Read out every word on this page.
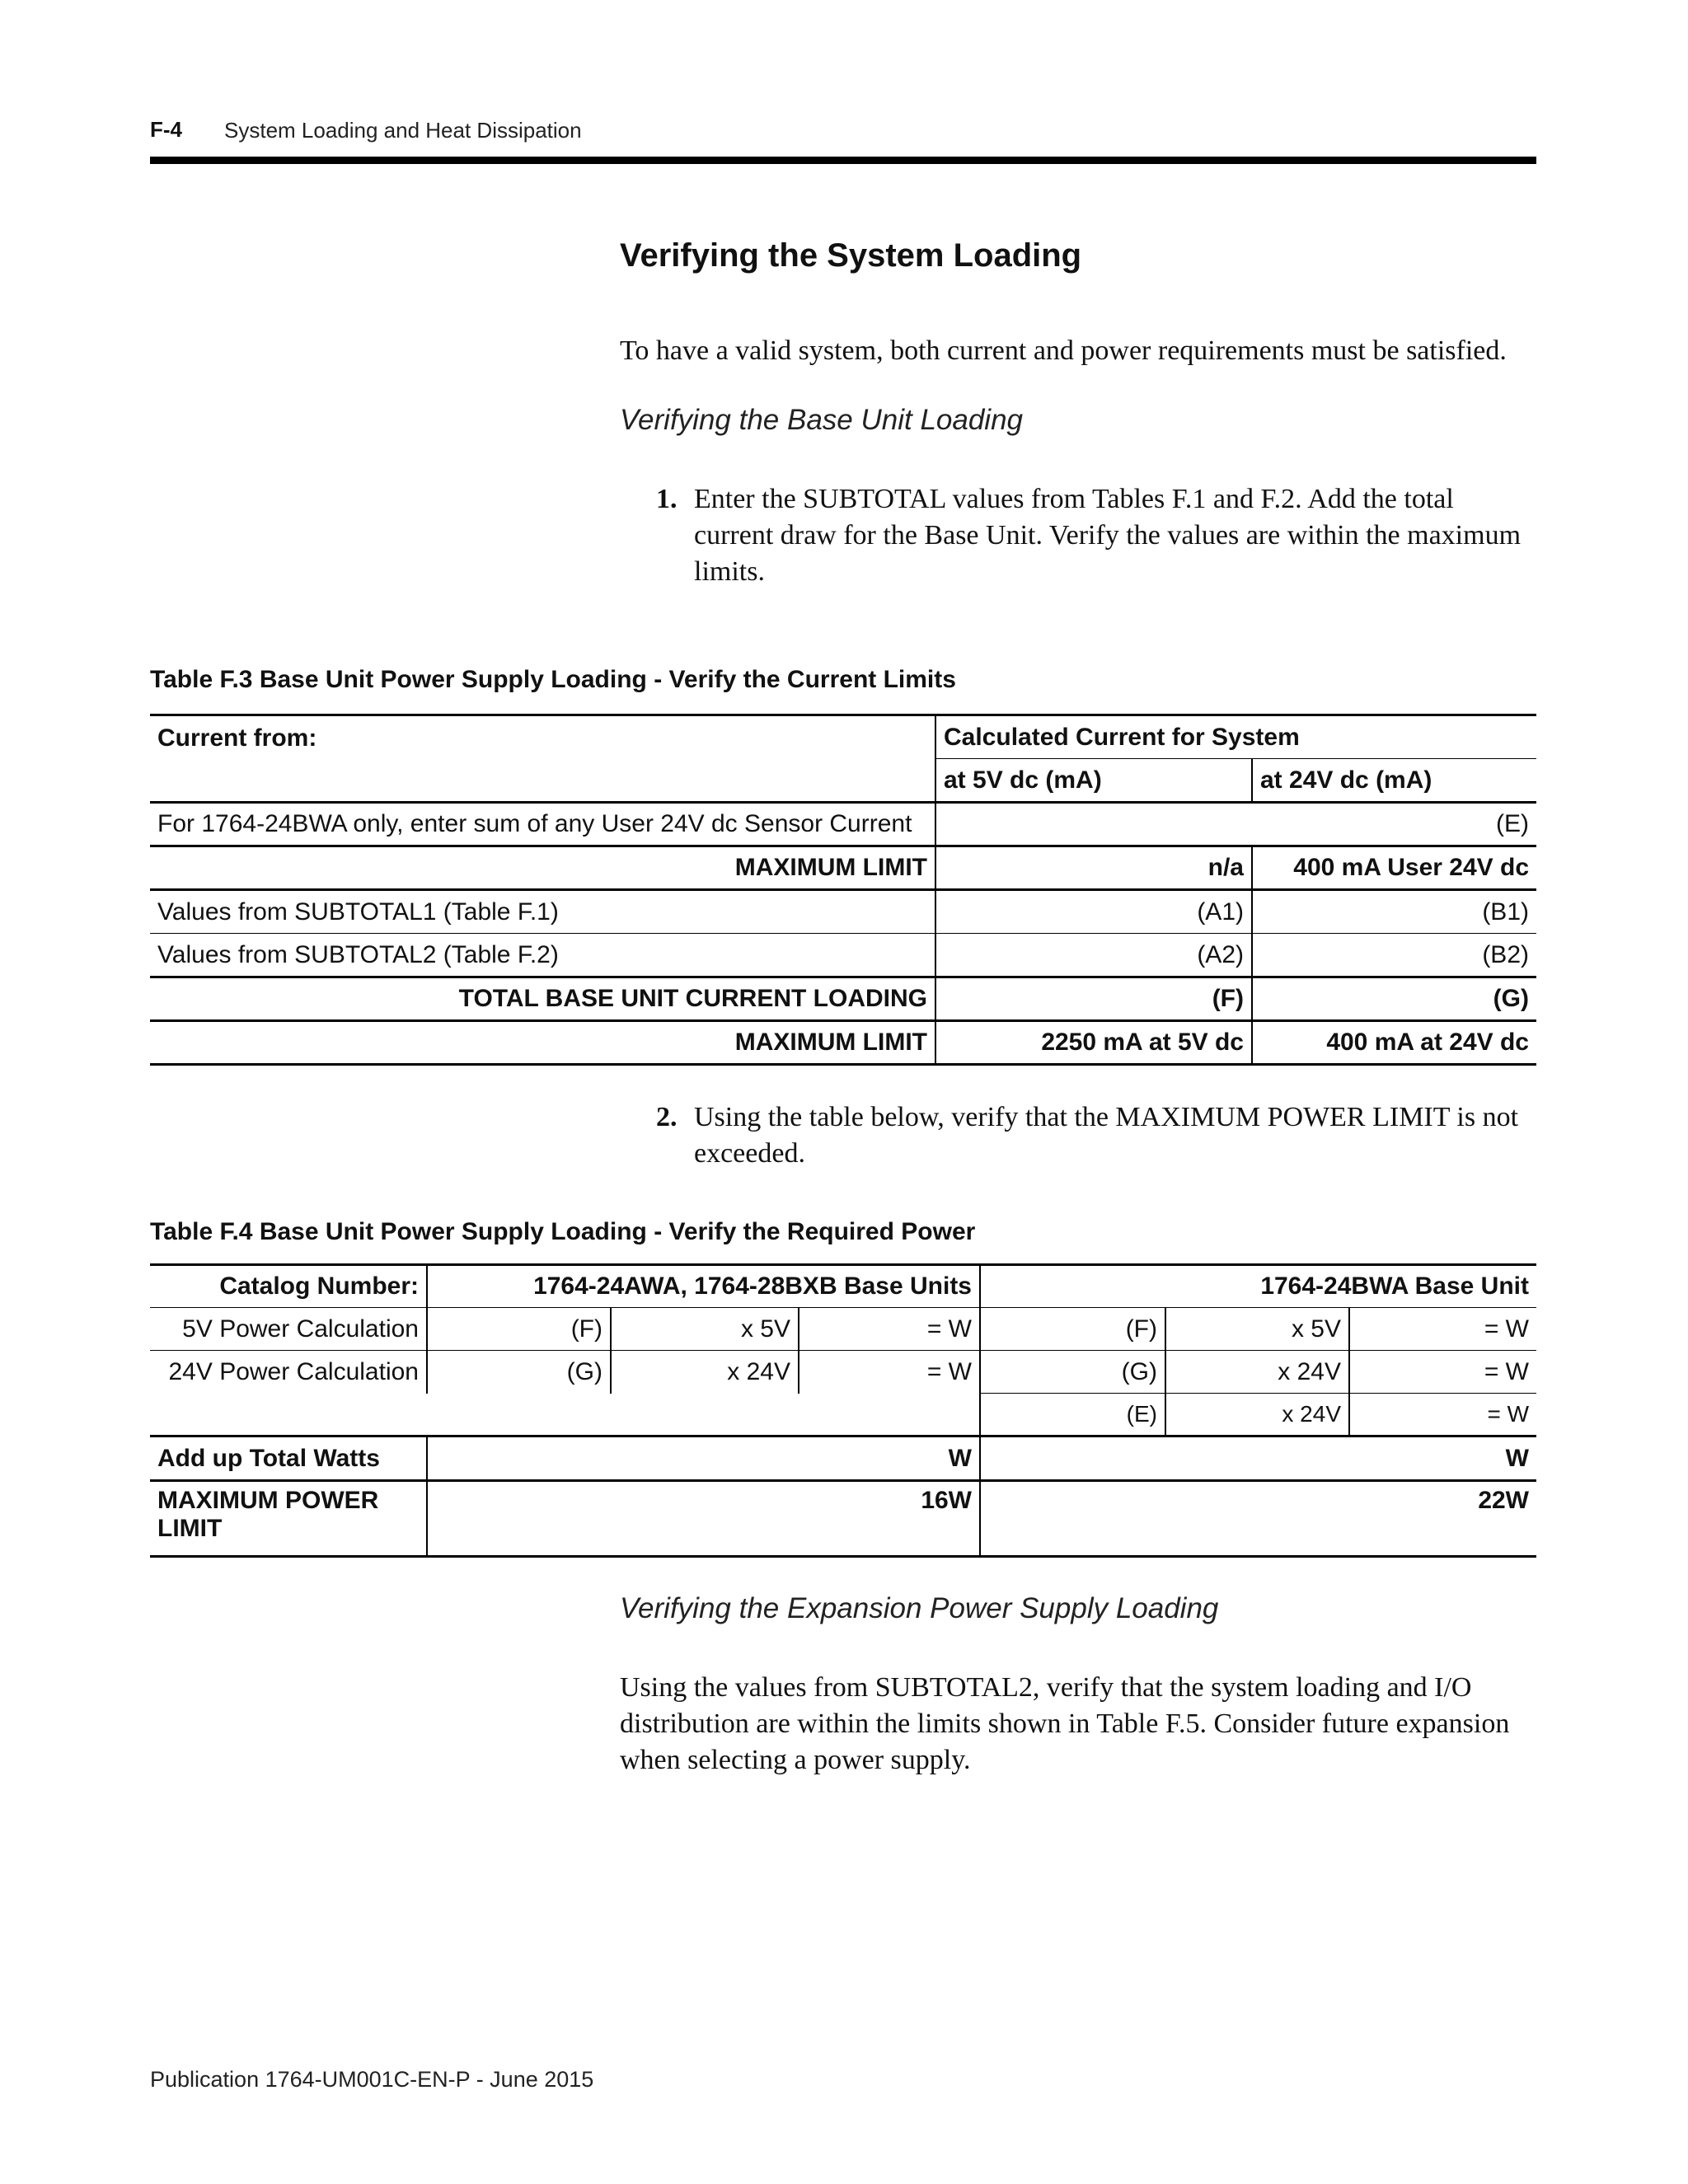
F-4 System Loading and Heat Dissipation
Verifying the System Loading
To have a valid system, both current and power requirements must be satisfied.
Verifying the Base Unit Loading
1. Enter the SUBTOTAL values from Tables F.1 and F.2. Add the total current draw for the Base Unit. Verify the values are within the maximum limits.
Table F.3 Base Unit Power Supply Loading - Verify the Current Limits
Current from:	Calculated Current for System	
	at 5V dc (mA)	at 24V dc (mA)
For 1764-24BWA only, enter sum of any User 24V dc Sensor Current	(E)	
MAXIMUM LIMIT	n/a	400 mA User 24V dc
Values from SUBTOTAL1 (Table F.1)	(A1)	(B1)
Values from SUBTOTAL2 (Table F.2)	(A2)	(B2)
TOTAL BASE UNIT CURRENT LOADING	(F)	(G)
MAXIMUM LIMIT	2250 mA at 5V dc	400 mA at 24V dc
2. Using the table below, verify that the MAXIMUM POWER LIMIT is not exceeded.
Table F.4 Base Unit Power Supply Loading - Verify the Required Power
Catalog Number:	1764-24AWA, 1764-28BXB Base Units			1764-24BWA Base Unit		
5V Power Calculation	(F)	x 5V	= W	(F)	x 5V	= W
24V Power Calculation	(G)	x 24V	= W	(G)	x 24V	= W
				(E)	x 24V	= W
Add up Total Watts	W			W		
MAXIMUM POWER LIMIT	16W			22W		
Verifying the Expansion Power Supply Loading
Using the values from SUBTOTAL2, verify that the system loading and I/O distribution are within the limits shown in Table F.5. Consider future expansion when selecting a power supply.
Publication 1764-UM001C-EN-P - June 2015
